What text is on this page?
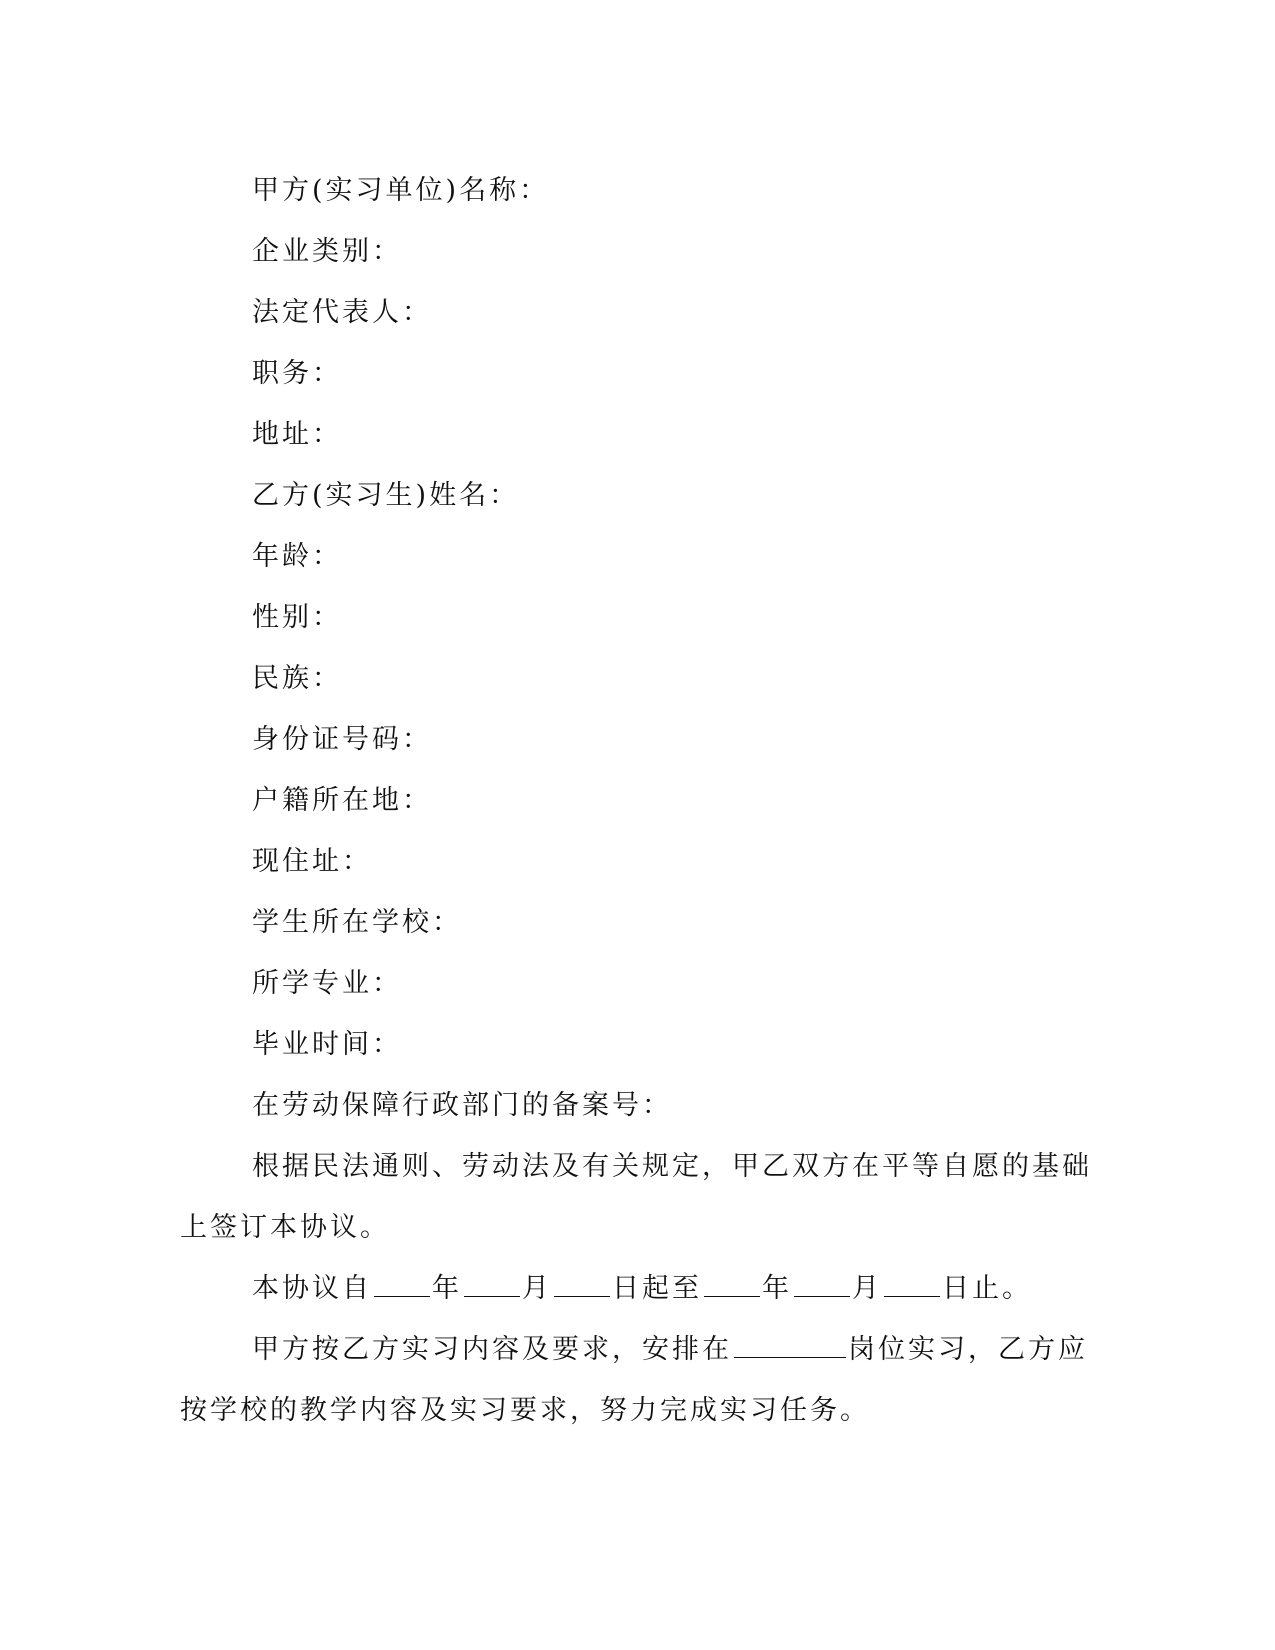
甲方(实习单位)名称：
企业类别：
法定代表人：
职务：
地址：
乙方(实习生)姓名：
年龄：
性别：
民族：
身份证号码：
户籍所在地：
现住址：
学生所在学校：
所学专业：
毕业时间：
在劳动保障行政部门的备案号：
根据民法通则、劳动法及有关规定，甲乙双方在平等自愿的基础
上签订本协议。
本协议自 年 月 日起至 年 月 日止。
甲方按乙方实习内容及要求，安排在	岗位实习，乙方应
按学校的教学内容及实习要求，努力完成实习任务。
